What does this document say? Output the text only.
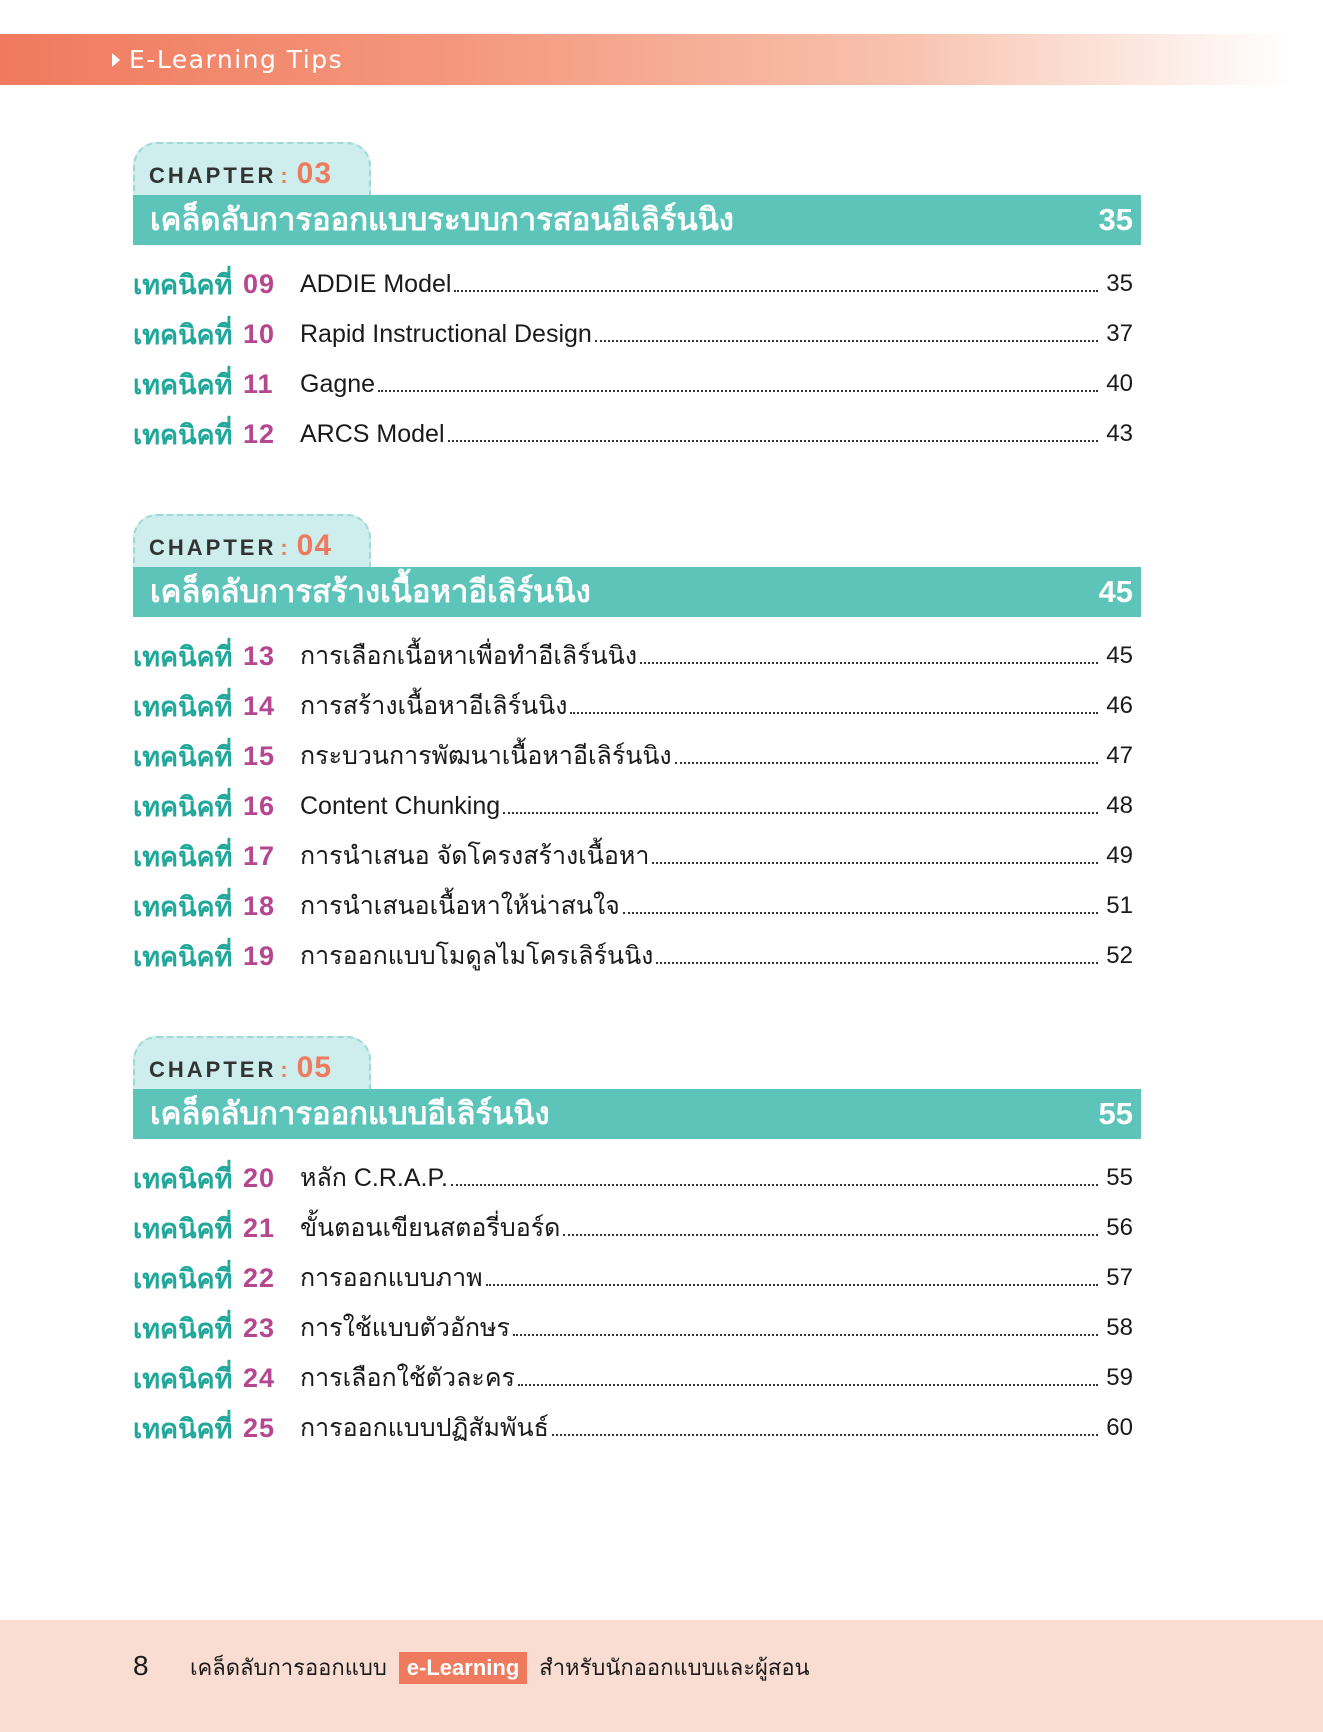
E-Learning Tips
CHAPTER : 03
เคล็ดลับการออกแบบระบบการสอนอีเลิร์นนิง	35
เทคนิคที่ 09 ADDIE Model	35
เทคนิคที่ 10 Rapid Instructional Design	37
เทคนิคที่ 11	Gagne	40
เทคนิคที่ 12 ARCS Model	43
CHAPTER : 04
เคล็ดลับการสร้างเนื้อหาอีเลิร์นนิง	45
เทคนิคที่ 13 การเลือกเนื้อหาเพื่อทำอีเลิร์นนิง	45
เทคนิคที่ 14 การสร้างเนื้อหาอีเลิร์นนิง	46
เทคนิคที่ 15 กระบวนการพัฒนาเนื้อหาอีเลิร์นนิง	47
เทคนิคที่ 16 Content Chunking	48
เทคนิคที่ 17 การนำเสนอ จัดโครงสร้างเนื้อหา	49
เทคนิคที่ 18 การนำเสนอเนื้อหาให้น่าสนใจ	51
เทคนิคที่ 19 การออกแบบโมดูลไมโครเลิร์นนิง	52
CHAPTER : 05
เคล็ดลับการออกแบบอีเลิร์นนิง	55
เทคนิคที่ 20 หลัก C.R.A.P.	55
เทคนิคที่ 21 ขั้นตอนเขียนสตอรี่บอร์ด	56
เทคนิคที่ 22 การออกแบบภาพ	57
เทคนิคที่ 23 การใช้แบบตัวอักษร	58
เทคนิคที่ 24 การเลือกใช้ตัวละคร	59
เทคนิคที่ 25 การออกแบบปฏิสัมพันธ์	60
8 เคล็ดลับการออกแบบ e-Learning สำหรับนักออกแบบและผู้สอน
